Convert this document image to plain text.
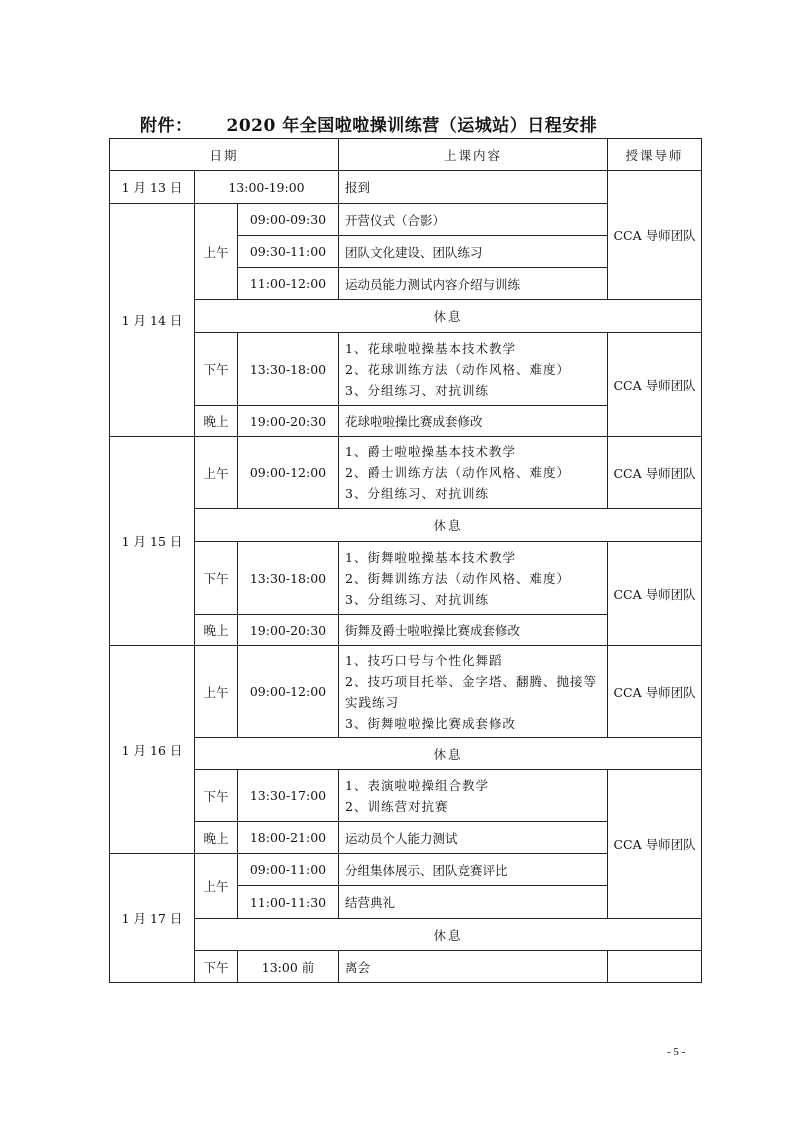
附件： 2020 年全国啦啦操训练营（运城站）日程安排
日期			上课内容	授课导师
1 月 13 日	13:00-19:00		报到	CCA 导师团队
1 月 14 日	上午	09:00-09:30	开营仪式（合影）	
		09:30-11:00	团队文化建设、团队练习	
		11:00-12:00	运动员能力测试内容介绍与训练	
	休息			
	下午	13:30-18:00	1、花球啦啦操基本技术教学
2、花球训练方法（动作风格、难度）
3、分组练习、对抗训练	CCA 导师团队
	晚上	19:00-20:30	花球啦啦操比赛成套修改	
1 月 15 日	上午	09:00-12:00	1、爵士啦啦操基本技术教学
2、爵士训练方法（动作风格、难度）
3、分组练习、对抗训练	CCA 导师团队
	休息			
	下午	13:30-18:00	1、街舞啦啦操基本技术教学
2、街舞训练方法（动作风格、难度）
3、分组练习、对抗训练	CCA 导师团队
	晚上	19:00-20:30	街舞及爵士啦啦操比赛成套修改	
1 月 16 日	上午	09:00-12:00	1、技巧口号与个性化舞蹈
2、技巧项目托举、金字塔、翻腾、抛接等
实践练习
3、街舞啦啦操比赛成套修改	CCA 导师团队
	休息			
	下午	13:30-17:00	1、表演啦啦操组合教学
2、训练营对抗赛	CCA 导师团队
	晚上	18:00-21:00	运动员个人能力测试	
1 月 17 日	上午	09:00-11:00	分组集体展示、团队竞赛评比	
		11:00-11:30	结营典礼	
	休息			
	下午	13:00 前	离会	
- 5 -
